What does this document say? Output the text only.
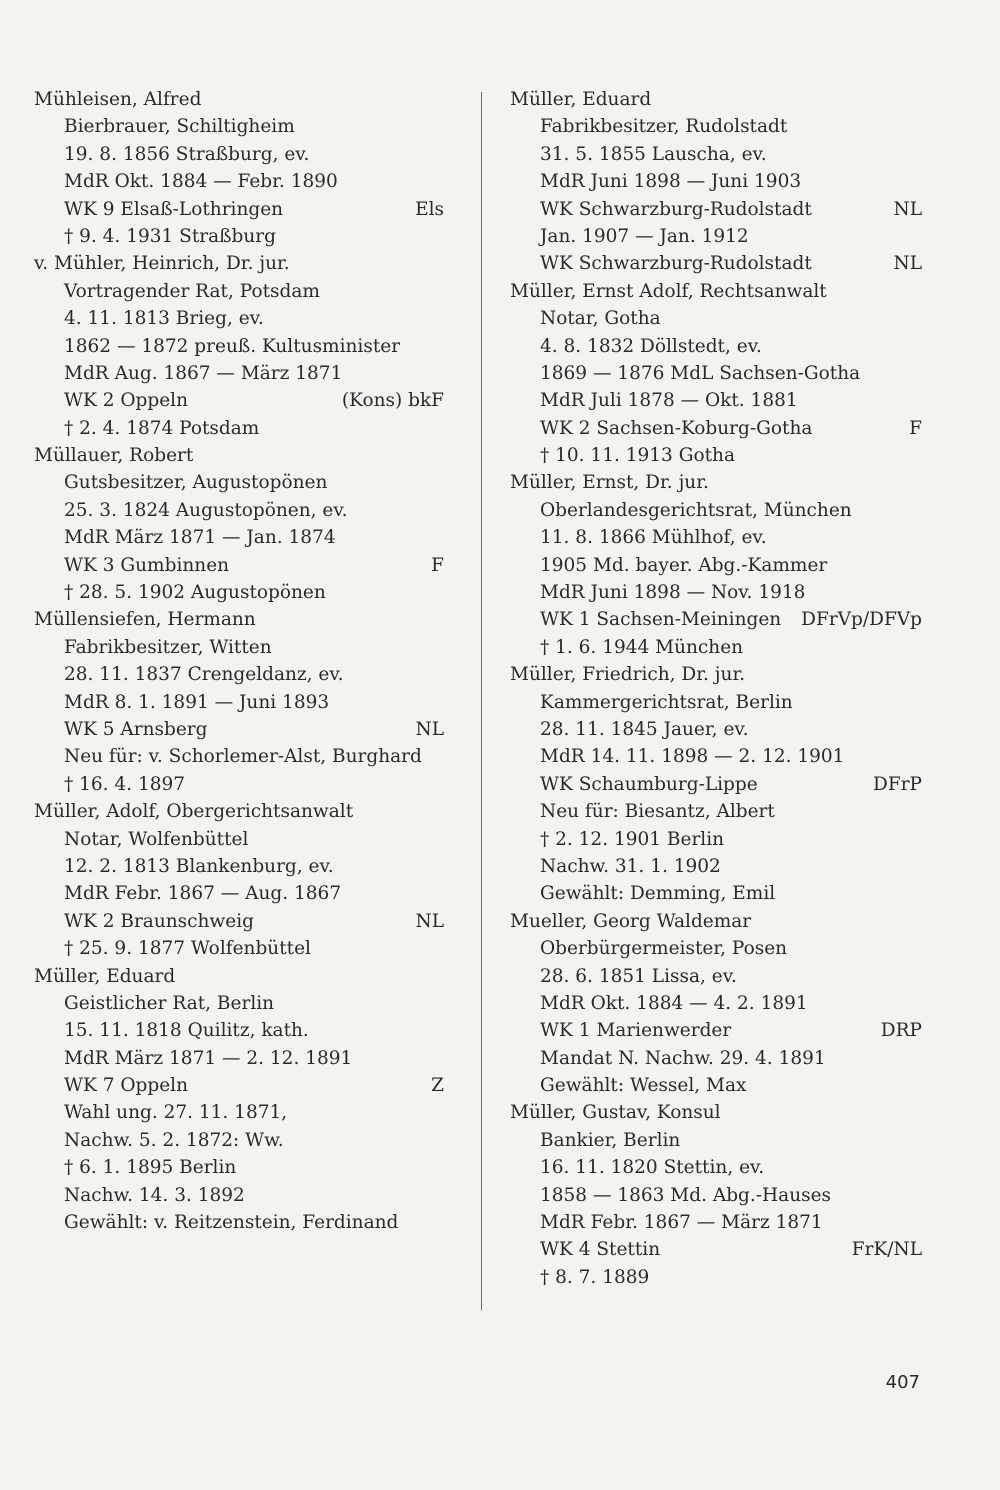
Mühleisen, Alfred
Bierbrauer, Schiltigheim
19. 8. 1856 Straßburg, ev.
MdR Okt. 1884 — Febr. 1890
WK 9 Elsaß-Lothringen	Els
† 9. 4. 1931 Straßburg
v. Mühler, Heinrich, Dr. jur.
Vortragender Rat, Potsdam
4. 11. 1813 Brieg, ev.
1862 — 1872 preuß. Kultusminister
MdR Aug. 1867 — März 1871
WK 2 Oppeln	(Kons) bkF
† 2. 4. 1874 Potsdam
Müllauer, Robert
Gutsbesitzer, Augustopönen
25. 3. 1824 Augustopönen, ev.
MdR März 1871 — Jan. 1874
WK 3 Gumbinnen	F
† 28. 5. 1902 Augustopönen
Müllensiefen, Hermann
Fabrikbesitzer, Witten
28. 11. 1837 Crengeldanz, ev.
MdR 8. 1. 1891 — Juni 1893
WK 5 Arnsberg	NL
Neu für: v. Schorlemer-Alst, Burghard
† 16. 4. 1897
Müller, Adolf, Obergerichtsanwalt
Notar, Wolfenbüttel
12. 2. 1813 Blankenburg, ev.
MdR Febr. 1867 — Aug. 1867
WK 2 Braunschweig	NL
† 25. 9. 1877 Wolfenbüttel
Müller, Eduard
Geistlicher Rat, Berlin
15. 11. 1818 Quilitz, kath.
MdR März 1871 — 2. 12. 1891
WK 7 Oppeln	Z
Wahl ung. 27. 11. 1871,
Nachw. 5. 2. 1872: Ww.
† 6. 1. 1895 Berlin
Nachw. 14. 3. 1892
Gewählt: v. Reitzenstein, Ferdinand
Müller, Eduard
Fabrikbesitzer, Rudolstadt
31. 5. 1855 Lauscha, ev.
MdR Juni 1898 — Juni 1903
WK Schwarzburg-Rudolstadt	NL
Jan. 1907 — Jan. 1912
WK Schwarzburg-Rudolstadt	NL
Müller, Ernst Adolf, Rechtsanwalt
Notar, Gotha
4. 8. 1832 Döllstedt, ev.
1869 — 1876 MdL Sachsen-Gotha
MdR Juli 1878 — Okt. 1881
WK 2 Sachsen-Koburg-Gotha	F
† 10. 11. 1913 Gotha
Müller, Ernst, Dr. jur.
Oberlandesgerichtsrat, München
11. 8. 1866 Mühlhof, ev.
1905 Md. bayer. Abg.-Kammer
MdR Juni 1898 — Nov. 1918
WK 1 Sachsen-Meiningen	DFrVp/DFVp
† 1. 6. 1944 München
Müller, Friedrich, Dr. jur.
Kammergerichtsrat, Berlin
28. 11. 1845 Jauer, ev.
MdR 14. 11. 1898 — 2. 12. 1901
WK Schaumburg-Lippe	DFrP
Neu für: Biesantz, Albert
† 2. 12. 1901 Berlin
Nachw. 31. 1. 1902
Gewählt: Demming, Emil
Mueller, Georg Waldemar
Oberbürgermeister, Posen
28. 6. 1851 Lissa, ev.
MdR Okt. 1884 — 4. 2. 1891
WK 1 Marienwerder	DRP
Mandat N. Nachw. 29. 4. 1891
Gewählt: Wessel, Max
Müller, Gustav, Konsul
Bankier, Berlin
16. 11. 1820 Stettin, ev.
1858 — 1863 Md. Abg.-Hauses
MdR Febr. 1867 — März 1871
WK 4 Stettin	FrK/NL
† 8. 7. 1889
407
